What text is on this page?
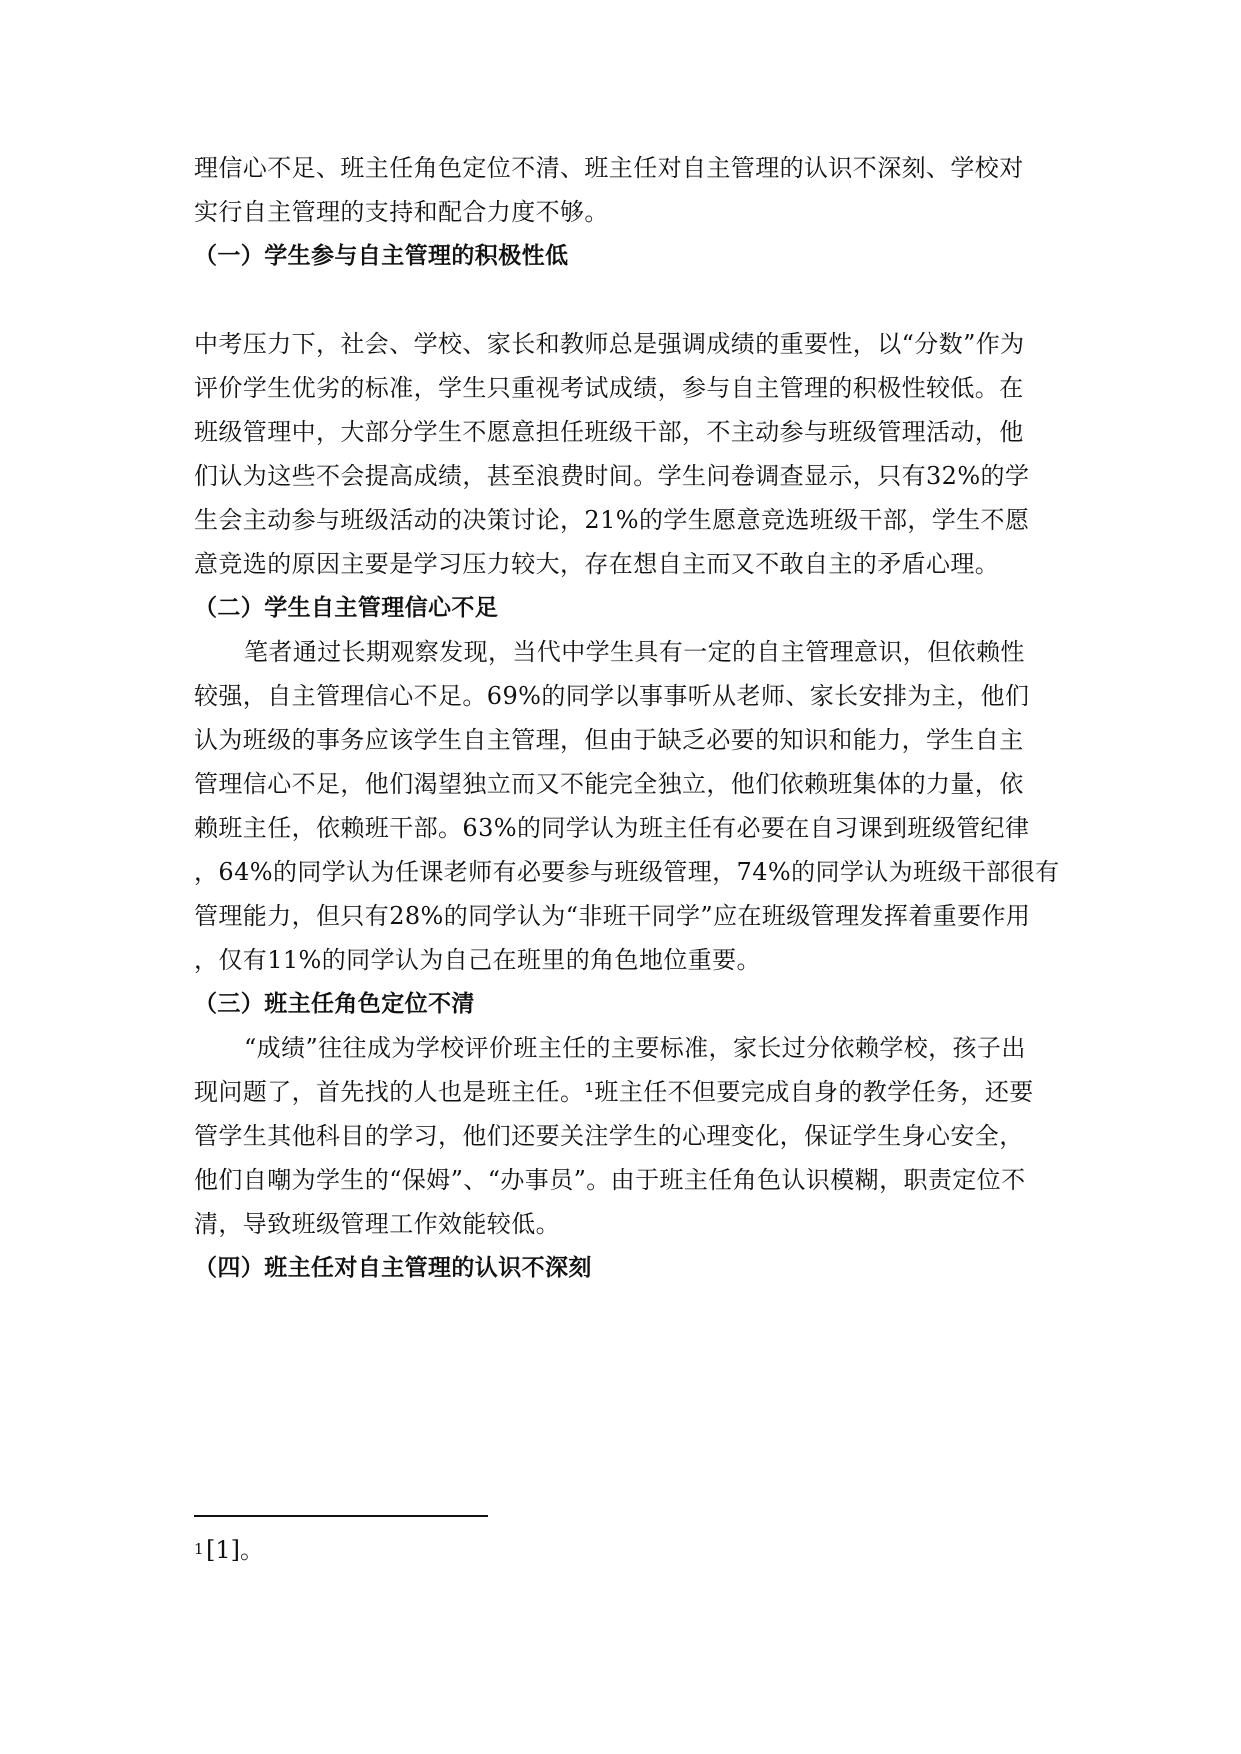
理信心不足、班主任角色定位不清、班主任对自主管理的认识不深刻、学校对
实行自主管理的支持和配合力度不够。
（一）学生参与自主管理的积极性低
中考压力下，社会、学校、家长和教师总是强调成绩的重要性，以“分数”作为
评价学生优劣的标准，学生只重视考试成绩，参与自主管理的积极性较低。在
班级管理中，大部分学生不愿意担任班级干部，不主动参与班级管理活动，他
们认为这些不会提高成绩，甚至浪费时间。学生问卷调查显示，只有32%的学
生会主动参与班级活动的决策讨论，21%的学生愿意竞选班级干部，学生不愿
意竞选的原因主要是学习压力较大，存在想自主而又不敢自主的矛盾心理。
（二）学生自主管理信心不足
笔者通过长期观察发现，当代中学生具有一定的自主管理意识，但依赖性
较强，自主管理信心不足。69%的同学以事事听从老师、家长安排为主，他们
认为班级的事务应该学生自主管理，但由于缺乏必要的知识和能力，学生自主
管理信心不足，他们渴望独立而又不能完全独立，他们依赖班集体的力量，依
赖班主任，依赖班干部。63%的同学认为班主任有必要在自习课到班级管纪律
，64%的同学认为任课老师有必要参与班级管理，74%的同学认为班级干部很有
管理能力，但只有28%的同学认为“非班干同学”应在班级管理发挥着重要作用
，仅有11%的同学认为自己在班里的角色地位重要。
（三）班主任角色定位不清
“成绩”往往成为学校评价班主任的主要标准，家长过分依赖学校，孩子出
现问题了，首先找的人也是班主任。¹班主任不但要完成自身的教学任务，还要
管学生其他科目的学习，他们还要关注学生的心理变化，保证学生身心安全，
他们自嘲为学生的“保姆”、“办事员”。由于班主任角色认识模糊，职责定位不
清，导致班级管理工作效能较低。
（四）班主任对自主管理的认识不深刻
1 [1]。
